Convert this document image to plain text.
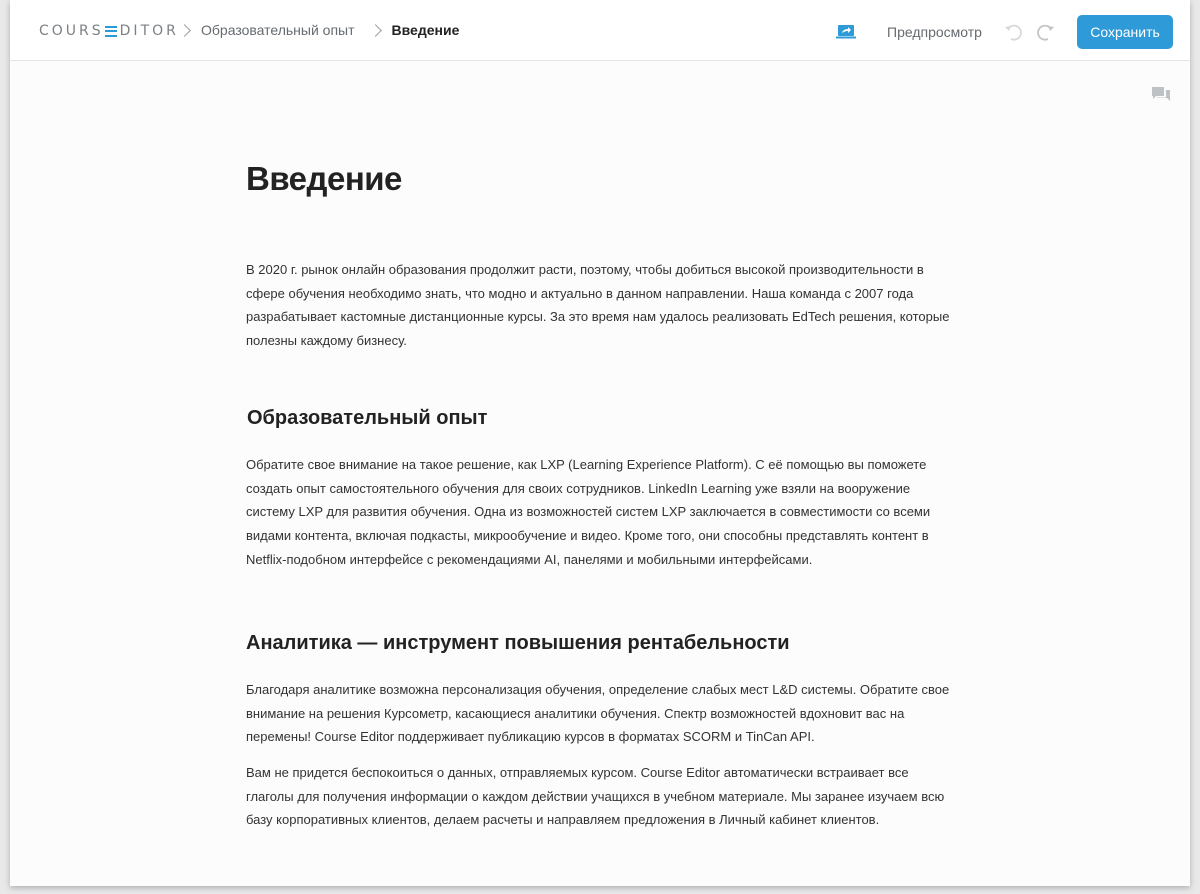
COURS DITOR Образовательный опыт	Введение	Предпросмотр	Сохранить
Введение

В 2020 г. рынок онлайн образования продолжит расти, поэтому, чтобы добиться высокой производительности в сфере обучения необходимо знать, что модно и актуально в данном направлении. Наша команда с 2007 года разрабатывает кастомные дистанционные курсы. За это время нам удалось реализовать EdTech решения, которые полезны каждому бизнесу.

Образовательный опыт

Обратите свое внимание на такое решение, как LXP (Learning Experience Platform). С её помощью вы поможете создать опыт самостоятельного обучения для своих сотрудников. LinkedIn Learning уже взяли на вооружение систему LXP для развития обучения. Одна из возможностей систем LXP заключается в совместимости со всеми видами контента, включая подкасты, микрообучение и видео. Кроме того, они способны представлять контент в Netflix-подобном интерфейсе с рекомендациями AI, панелями и мобильными интерфейсами.

Аналитика — инструмент повышения рентабельности

Благодаря аналитике возможна персонализация обучения, определение слабых мест L&D системы. Обратите свое внимание на решения Курсометр, касающиеся аналитики обучения. Спектр возможностей вдохновит вас на перемены! Course Editor поддерживает публикацию курсов в форматах SCORM и TinCan API.

Вам не придется беспокоиться о данных, отправляемых курсом. Course Editor автоматически встраивает все глаголы для получения информации о каждом действии учащихся в учебном материале. Мы заранее изучаем всю базу корпоративных клиентов, делаем расчеты и направляем предложения в Личный кабинет клиентов.
